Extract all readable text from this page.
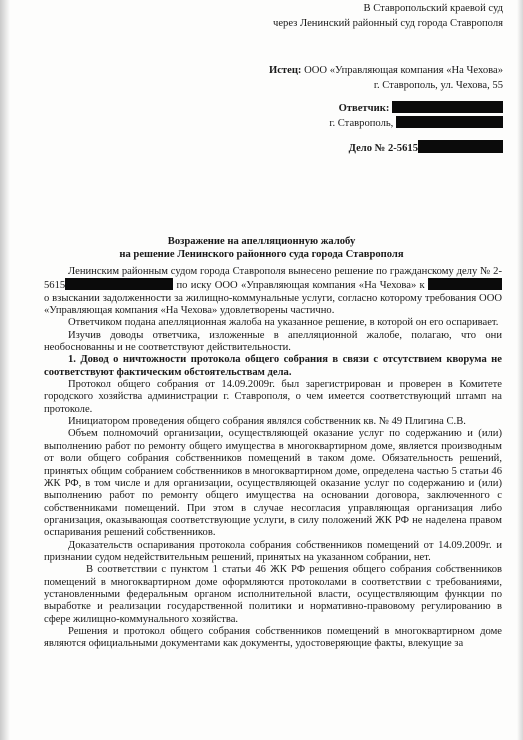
В Ставропольский краевой суд
через Ленинский районный суд города Ставрополя
Истец: ООО «Управляющая компания «На Чехова»
г. Ставрополь, ул. Чехова, 55
Ответчик:
г. Ставрополь,
Дело № 2-5615
Возражение на апелляционную жалобу
на решение Ленинского районного суда города Ставрополя

Ленинским районным судом города Ставрополя вынесено решение по гражданскому делу № 2-5615	по иску ООО «Управляющая компания «На Чехова» к  о взыскании задолженности за жилищно-коммунальные услуги, согласно которому требования ООО «Управляющая компания «На Чехова» удовлетворены частично.

Ответчиком подана апелляционная жалоба на указанное решение, в которой он его оспаривает.

Изучив доводы ответчика, изложенные в апелляционной жалобе, полагаю, что они необоснованны и не соответствуют действительности.

1. Довод о ничтожности протокола общего собрания в связи с отсутствием кворума не соответствуют фактическим обстоятельствам дела.

Протокол общего собрания от 14.09.2009г. был зарегистрирован и проверен в Комитете городского хозяйства администрации г. Ставрополя, о чем имеется соответствующий штамп на протоколе.

Инициатором проведения общего собрания являлся собственник кв. № 49 Плигина С.В.

Объем полномочий организации, осуществляющей оказание услуг по содержанию и (или) выполнению работ по ремонту общего имущества в многоквартирном доме, является производным от воли общего собрания собственников помещений в таком доме. Обязательность решений, принятых общим собранием собственников в многоквартирном доме, определена частью 5 статьи 46 ЖК РФ, в том числе и для организации, осуществляющей оказание услуг по содержанию и (или) выполнению работ по ремонту общего имущества на основании договора, заключенного с собственниками помещений. При этом в случае несогласия управляющая организация либо организация, оказывающая соответствующие услуги, в силу положений ЖК РФ не наделена правом оспаривания решений собственников.

Доказательств оспаривания протокола собрания собственников помещений от 14.09.2009г. и признании судом недействительным решений, принятых на указанном собрании, нет.

В соответствии с пунктом 1 статьи 46 ЖК РФ решения общего собрания собственников помещений в многоквартирном доме оформляются протоколами в соответствии с требованиями, установленными федеральным органом исполнительной власти, осуществляющим функции по выработке и реализации государственной политики и нормативно-правовому регулированию в сфере жилищно-коммунального хозяйства.

Решения и протокол общего собрания собственников помещений в многоквартирном доме являются официальными документами как документы, удостоверяющие факты, влекущие за
